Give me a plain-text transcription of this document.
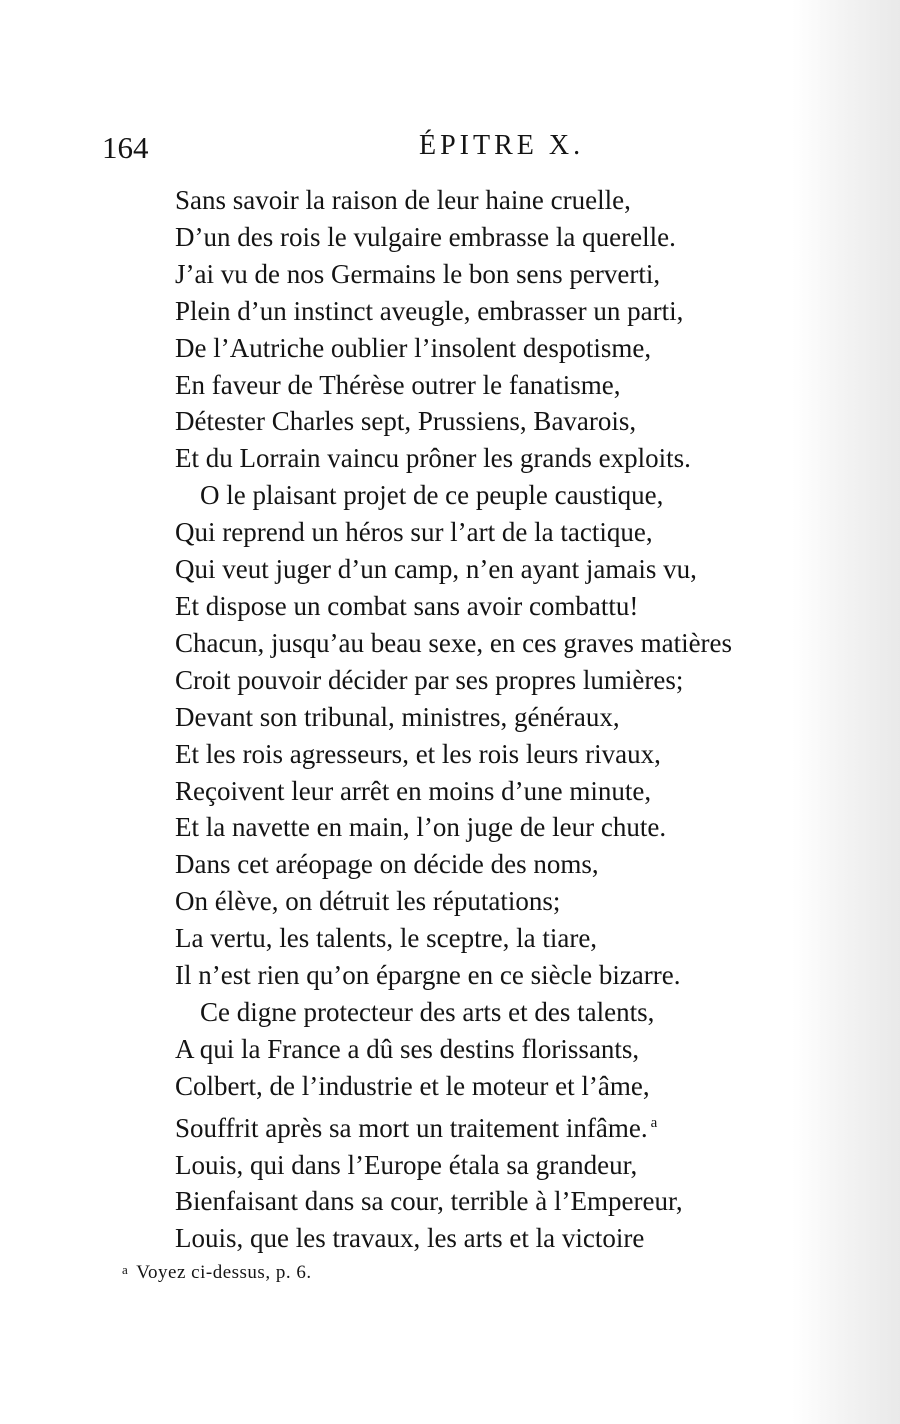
164	ÉPITRE X.
Sans savoir la raison de leur haine cruelle,
D’un des rois le vulgaire embrasse la querelle.
J’ai vu de nos Germains le bon sens perverti,
Plein d’un instinct aveugle, embrasser un parti,
De l’Autriche oublier l’insolent despotisme,
En faveur de Thérèse outrer le fanatisme,
Détester Charles sept, Prussiens, Bavarois,
Et du Lorrain vaincu prôner les grands exploits.
O le plaisant projet de ce peuple caustique,
Qui reprend un héros sur l’art de la tactique,
Qui veut juger d’un camp, n’en ayant jamais vu,
Et dispose un combat sans avoir combattu!
Chacun, jusqu’au beau sexe, en ces graves matières
Croit pouvoir décider par ses propres lumières;
Devant son tribunal, ministres, généraux,
Et les rois agresseurs, et les rois leurs rivaux,
Reçoivent leur arrêt en moins d’une minute,
Et la navette en main, l’on juge de leur chute.
Dans cet aréopage on décide des noms,
On élève, on détruit les réputations;
La vertu, les talents, le sceptre, la tiare,
Il n’est rien qu’on épargne en ce siècle bizarre.
Ce digne protecteur des arts et des talents,
A qui la France a dû ses destins florissants,
Colbert, de l’industrie et le moteur et l’âme,
Souffrit après sa mort un traitement infâme. $^a$
Louis, qui dans l’Europe étala sa grandeur,
Bienfaisant dans sa cour, terrible à l’Empereur,
Louis, que les travaux, les arts et la victoire
$^a$ Voyez ci-dessus, p. 6.
